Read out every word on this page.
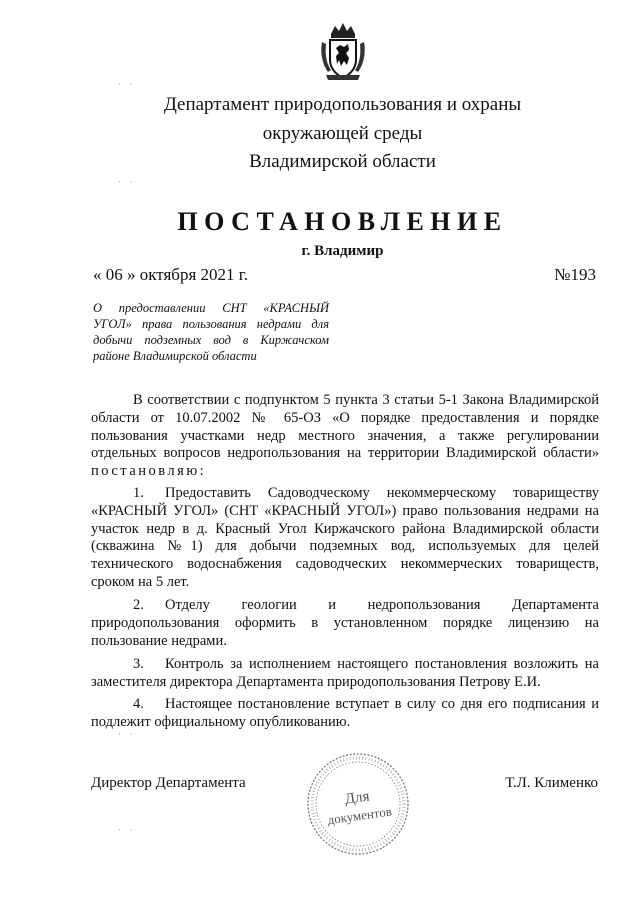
Департамент природопользования и охраны
окружающей среды
Владимирской области
ПОСТАНОВЛЕНИЕ
г. Владимир
« 06 » октября 2021 г.	№193
О предоставлении СНТ «КРАСНЫЙ УГОЛ» права пользования недрами для добычи подземных вод в Киржачском районе Владимирской области
В соответствии с подпунктом 5 пункта 3 статьи 5-1 Закона Владимирской области от 10.07.2002 № 65-ОЗ «О порядке предоставления и порядке пользования участками недр местного значения, а также регулировании отдельных вопросов недропользования на территории Владимирской области» постановляю:
1. Предоставить Садоводческому некоммерческому товариществу «КРАСНЫЙ УГОЛ» (СНТ «КРАСНЫЙ УГОЛ») право пользования недрами на участок недр в д. Красный Угол Киржачского района Владимирской области (скважина №1) для добычи подземных вод, используемых для целей технического водоснабжения садоводческих некоммерческих товариществ, сроком на 5 лет.
2. Отделу геологии и недропользования Департамента природопользования оформить в установленном порядке лицензию на пользование недрами.
3. Контроль за исполнением настоящего постановления возложить на заместителя директора Департамента природопользования Петрову Е.И.
4. Настоящее постановление вступает в силу со дня его подписания и подлежит официальному опубликованию.
Директор Департамента	Т.Л. Клименко
Для
документов
· ·
· ·
· ·
· ·
